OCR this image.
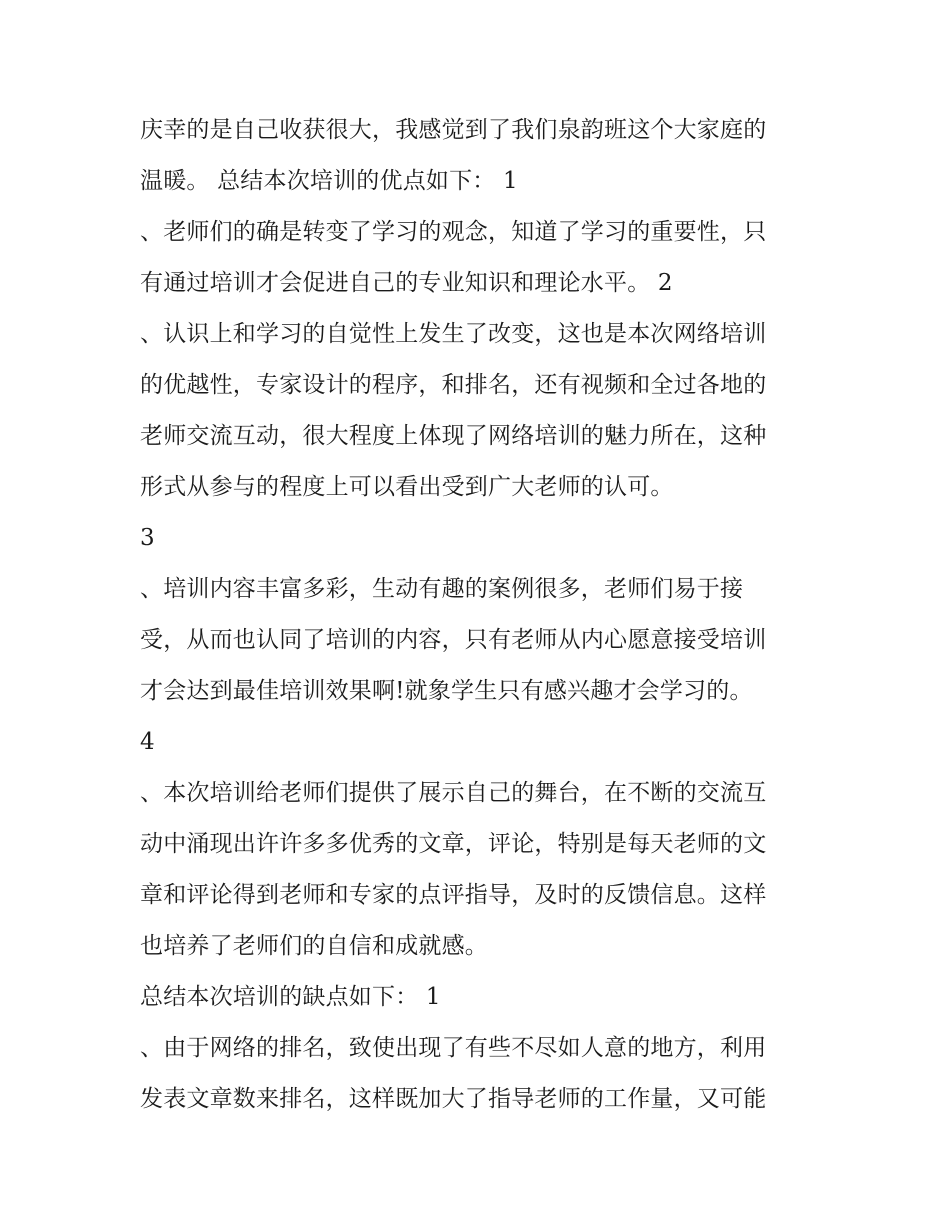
庆幸的是自己收获很大，我感觉到了我们泉韵班这个大家庭的
温暖。 总结本次培训的优点如下： 1
、老师们的确是转变了学习的观念，知道了学习的重要性，只
有通过培训才会促进自己的专业知识和理论水平。 2
、认识上和学习的自觉性上发生了改变，这也是本次网络培训
的优越性，专家设计的程序，和排名，还有视频和全过各地的
老师交流互动，很大程度上体现了网络培训的魅力所在，这种
形式从参与的程度上可以看出受到广大老师的认可。
3
、培训内容丰富多彩，生动有趣的案例很多，老师们易于接
受，从而也认同了培训的内容，只有老师从内心愿意接受培训
才会达到最佳培训效果啊!就象学生只有感兴趣才会学习的。
4
、本次培训给老师们提供了展示自己的舞台，在不断的交流互
动中涌现出许许多多优秀的文章，评论，特别是每天老师的文
章和评论得到老师和专家的点评指导，及时的反馈信息。这样
也培养了老师们的自信和成就感。
总结本次培训的缺点如下： 1
、由于网络的排名，致使出现了有些不尽如人意的地方，利用
发表文章数来排名，这样既加大了指导老师的工作量，又可能
